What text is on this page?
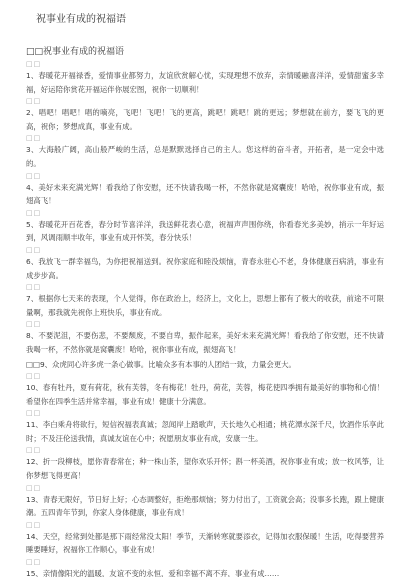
祝事业有成的祝福语
□□祝事业有成的祝福语
□□
1、春暖花开福禄香，爱情事业都努力，友谊欣赏解心忧，实现理想不放弃，亲情暖融喜洋洋，爱情甜蜜多幸福，好运陪你赏花开福运伴你展宏图，祝你一切顺利！
□□
2、唱吧！唱吧！唱的嘀亮，飞吧！飞吧！飞的更高，跳吧！跳吧！跳的更远；梦想就在前方，要飞飞的更高，祝你；梦想成真，事业有成。
□□
3、大海般广阔，高山般严峻的生活，总是默默选择自己的主人。您这样的奋斗者，开拓者，是一定会中选的。
□□
4、美好未来充满光辉！看我给了你安慰，还不快请我喝一杯，不然你就是窝囊废！哈哈，祝你事业有成，振翅高飞！
□□
5、春暖花开百花香，春分时节喜洋洋，我送鲜花表心意，祝福声声围你绕，你看春光多美妙，捎示一年好运到，风调雨顺丰收年，事业有成开怀笑，春分快乐！
□□
6、我放飞一群幸福鸟，为你把祝福送到。祝你家庭和睦没烦恼，青春永驻心不老，身体健康百病消，事业有成步步高。
□□
7、根据你七天来的表现，个人觉得，你在政治上，经济上，文化上，思想上都有了极大的收获，前途不可限量啊，那我就先祝你上班快乐，事业有成。
□□
8、不要泥沮，不要伤悲，不要颓废，不要自卑，振作起来，美好未来充满光辉！看我给了你安慰，还不快请我喝一杯，不然你就是窝囊废！哈哈，祝你事业有成，振翅高飞！
□□9、众虎同心许多虎一条心做事。比喻众多有本事的人团结一致，力量会更大。
□□
10、春有牡丹，夏有荷花，秋有芙蓉，冬有梅花！牡丹，荷花，芙蓉，梅花使四季拥有最美好的事物和心情！希望你在四季生活并常幸福，事业有成！健康十分满意。
□□
11、李白乘舟将欲行，短信祝福表真诚；忽闻岸上踏歌声，天长地久心相通；桃花潭水深千尺，饮酒作乐享此时；不及汪伦送我情，真诚友谊在心中；祝愿朋友事业有成，安康一生。
□□
12、折一段柳枝，愿你青春常在；种一株山茶，望你欢乐开怀；斟一杯美酒，祝你事业有成；放一枚风筝，让你梦想飞得更高！
□□
13、青春无限好，节日好上好；心态调整好，拒绝那烦恼；努力付出了，工资就会高；没事多长跑，跟上健康潮。五四青年节到，你家人身体健康，事业有成！
□□
14、天空，经常到处都是那下雨经常没太阳！季节，天渐转寒就要添衣，记得加衣服保暖！生活，吃得要营养睡要睡好，祝福你工作顺心，事业有成！
□□
15、亲情像阳光的温暖，友谊不变的永恒，爱和幸福不离不弃，事业有成……
